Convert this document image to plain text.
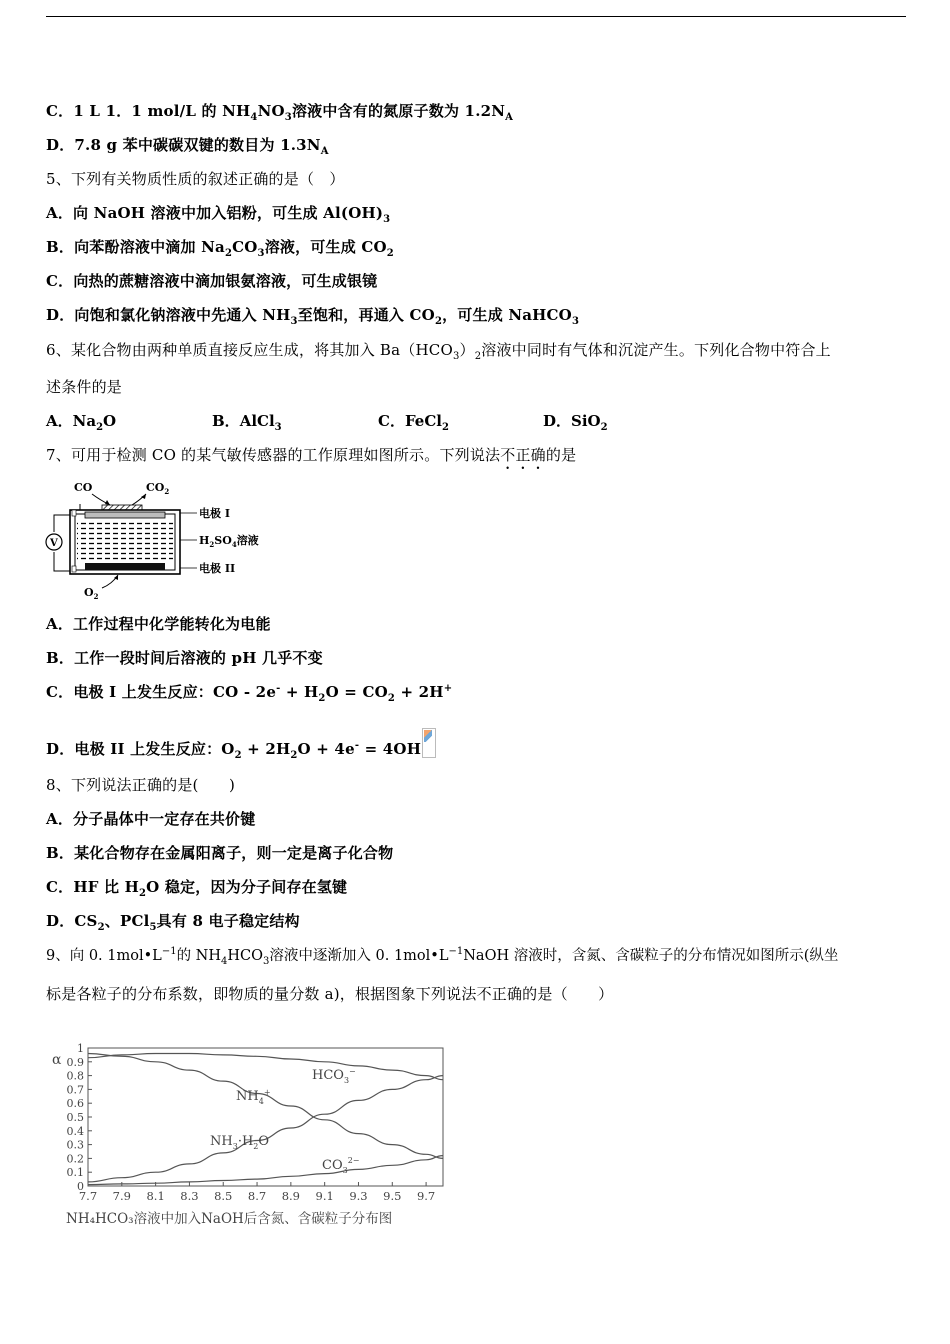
C．1 L 1．1 mol/L 的 $NH_4NO_3$溶液中含有的氮原子数为 $1.2N_A$
D．7.8 g 苯中碳碳双键的数目为 $1.3N_A$
5、下列有关物质性质的叙述正确的是（　）
A．向 NaOH 溶液中加入铝粉，可生成 $Al(OH)_3$
B．向苯酚溶液中滴加 $Na_2CO_3$溶液，可生成 $CO_2$
C．向热的蔗糖溶液中滴加银氨溶液，可生成银镜
D．向饱和氯化钠溶液中先通入 $NH_3$至饱和，再通入 $CO_2$，可生成 NaHCO$_3$
6、某化合物由两种单质直接反应生成，将其加入 $Ba(HCO_3)_2$溶液中同时有气体和沉淀产生。下列化合物中符合上
述条件的是
A．$Na_2O$	B．AlCl$_3$	C．FeCl$_2$	D．SiO$_2$
7、可用于检测 CO 的某气敏传感器的工作原理如图所示。下列说法不正确的是
CO	$CO_2$
V
电极 I
$H_2SO_4$溶液
电极 II
$O_2$
A．工作过程中化学能转化为电能
B．工作一段时间后溶液的 pH 几乎不变
C．电极 I 上发生反应：CO - $2e^- + H_2O = CO_2 + 2H^+$
D．电极 II 上发生反应：$O_2 + 2H_2O + 4e^- = 4OH$
8、下列说法正确的是(　　)
A．分子晶体中一定存在共价键
B．某化合物存在金属阳离子，则一定是离子化合物
C．HF 比 $H_2O$ 稳定，因为分子间存在氢键
D．$CS_2$、PCl$_5$具有 8 电子稳定结构
9、向 0. $1mol•L^{-1}$的 $NH_4HCO_3$溶液中逐渐加入 0. $1mol•L^{-1}NaOH$ 溶液时，含氮、含碳粒子的分布情况如图所示(纵坐
标是各粒子的分布系数，即物质的量分数 a)，根据图象下列说法不正确的是（　　）
0
0.1
0.2
0.3
0.4
0.5
0.6
0.7
0.8
0.9
1
7.7 7.9 8.1 8.3 8.5 8.7 8.9 9.1 9.3 9.5 9.7
α
$HCO_3^-$
$NH_4^+$
$NH_3\cdot H_2O$
$CO_3^{2-}$
NH₄HCO₃溶液中加入NaOH后含氮、含碳粒子分布图
